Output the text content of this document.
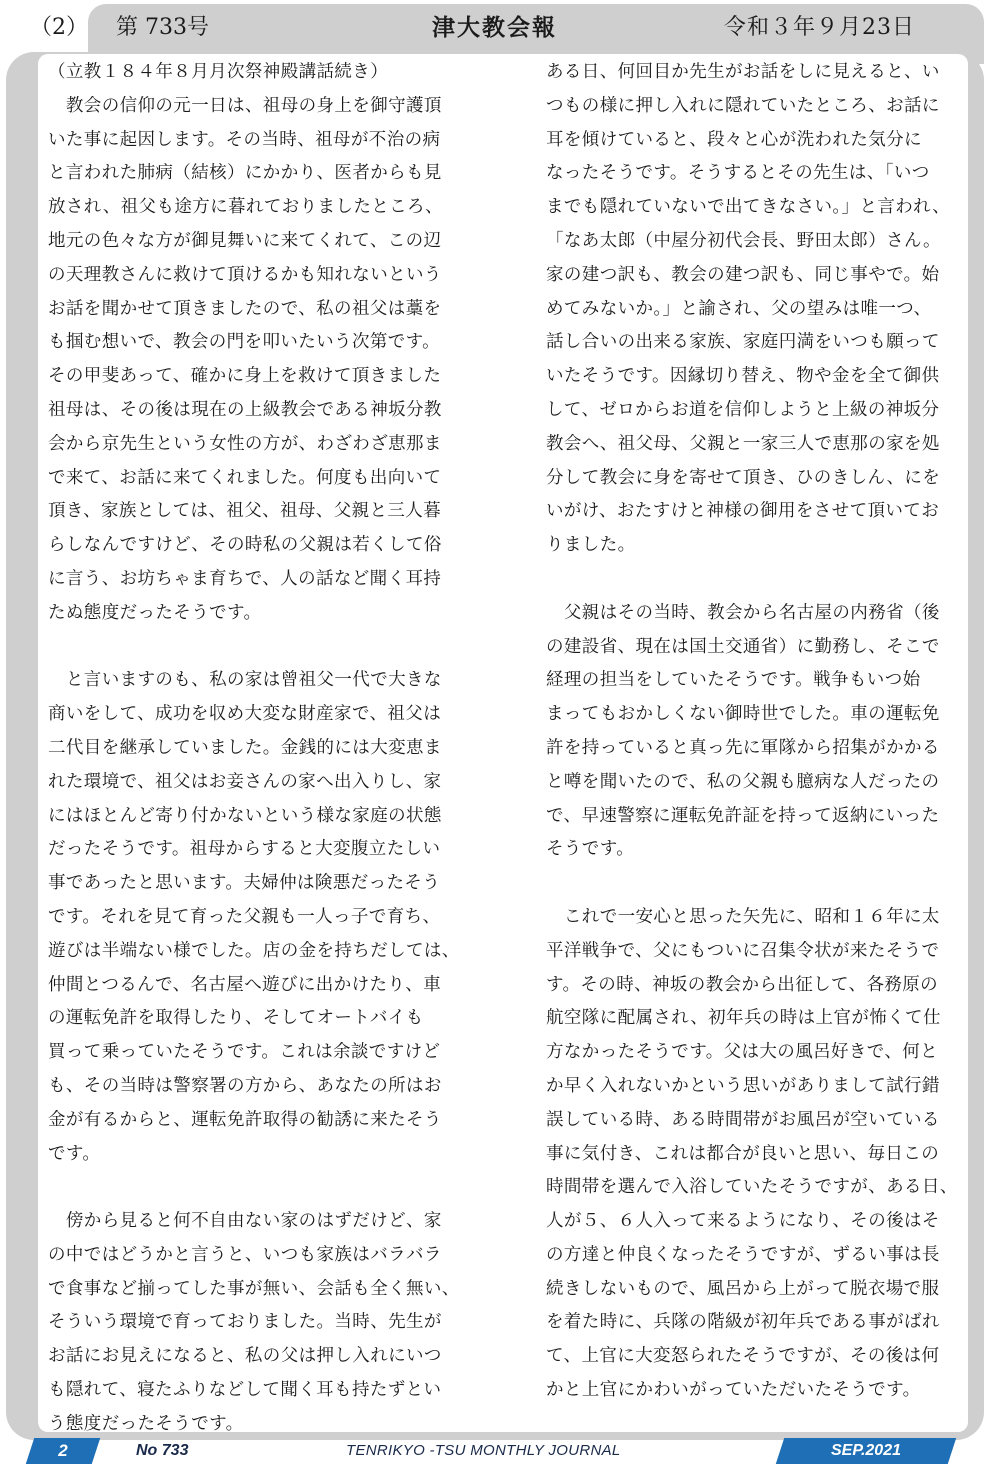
（2） 第 733号	津大教会報	令和３年９月23日
（立教１８４年８月月次祭神殿講話続き）
　教会の信仰の元一日は、祖母の身上を御守護頂
いた事に起因します。その当時、祖母が不治の病
と言われた肺病（結核）にかかり、医者からも見
放され、祖父も途方に暮れておりましたところ、
地元の色々な方が御見舞いに来てくれて、この辺
の天理教さんに救けて頂けるかも知れないという
お話を聞かせて頂きましたので、私の祖父は藁を
も掴む想いで、教会の門を叩いたいう次第です。
その甲斐あって、確かに身上を救けて頂きました
祖母は、その後は現在の上級教会である神坂分教
会から京先生という女性の方が、わざわざ恵那ま
で来て、お話に来てくれました。何度も出向いて
頂き、家族としては、祖父、祖母、父親と三人暮
らしなんですけど、その時私の父親は若くして俗
に言う、お坊ちゃま育ちで、人の話など聞く耳持
たぬ態度だったそうです。
　と言いますのも、私の家は曾祖父一代で大きな
商いをして、成功を収め大変な財産家で、祖父は
二代目を継承していました。金銭的には大変恵ま
れた環境で、祖父はお妾さんの家へ出入りし、家
にはほとんど寄り付かないという様な家庭の状態
だったそうです。祖母からすると大変腹立たしい
事であったと思います。夫婦仲は険悪だったそう
です。それを見て育った父親も一人っ子で育ち、
遊びは半端ない様でした。店の金を持ちだしては、
仲間とつるんで、名古屋へ遊びに出かけたり、車
の運転免許を取得したり、そしてオートバイも
買って乗っていたそうです。これは余談ですけど
も、その当時は警察署の方から、あなたの所はお
金が有るからと、運転免許取得の勧誘に来たそう
です。
　傍から見ると何不自由ない家のはずだけど、家
の中ではどうかと言うと、いつも家族はバラバラ
で食事など揃ってした事が無い、会話も全く無い、
そういう環境で育っておりました。当時、先生が
お話にお見えになると、私の父は押し入れにいつ
も隠れて、寝たふりなどして聞く耳も持たずとい
う態度だったそうです。
ある日、何回目か先生がお話をしに見えると、い
つもの様に押し入れに隠れていたところ、お話に
耳を傾けていると、段々と心が洗われた気分に
なったそうです。そうするとその先生は、「いつ
までも隠れていないで出てきなさい。」と言われ、
「なあ太郎（中屋分初代会長、野田太郎）さん。
家の建つ訳も、教会の建つ訳も、同じ事やで。始
めてみないか。」と諭され、父の望みは唯一つ、
話し合いの出来る家族、家庭円満をいつも願って
いたそうです。因縁切り替え、物や金を全て御供
して、ゼロからお道を信仰しようと上級の神坂分
教会へ、祖父母、父親と一家三人で恵那の家を処
分して教会に身を寄せて頂き、ひのきしん、にを
いがけ、おたすけと神様の御用をさせて頂いてお
りました。
　父親はその当時、教会から名古屋の内務省（後
の建設省、現在は国土交通省）に勤務し、そこで
経理の担当をしていたそうです。戦争もいつ始
まってもおかしくない御時世でした。車の運転免
許を持っていると真っ先に軍隊から招集がかかる
と噂を聞いたので、私の父親も臆病な人だったの
で、早速警察に運転免許証を持って返納にいった
そうです。
　これで一安心と思った矢先に、昭和１６年に太
平洋戦争で、父にもついに召集令状が来たそうで
す。その時、神坂の教会から出征して、各務原の
航空隊に配属され、初年兵の時は上官が怖くて仕
方なかったそうです。父は大の風呂好きで、何と
か早く入れないかという思いがありまして試行錯
誤している時、ある時間帯がお風呂が空いている
事に気付き、これは都合が良いと思い、毎日この
時間帯を選んで入浴していたそうですが、ある日、
人が５、６人入って来るようになり、その後はそ
の方達と仲良くなったそうですが、ずるい事は長
続きしないもので、風呂から上がって脱衣場で服
を着た時に、兵隊の階級が初年兵である事がばれ
て、上官に大変怒られたそうですが、その後は何
かと上官にかわいがっていただいたそうです。
2	No 733	TENRIKYO -TSU MONTHLY JOURNAL	SEP.2021
